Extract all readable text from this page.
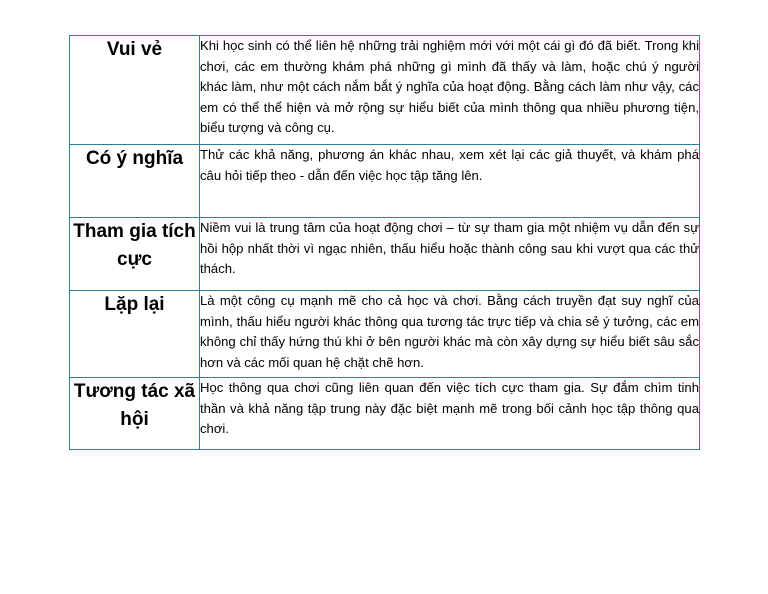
Vui vẻ	Khi học sinh có thể liên hệ những trải nghiệm mới với một cái gì đó đã biết. Trong khi chơi, các em thường khám phá những gì mình đã thấy và làm, hoặc chú ý người khác làm, như một cách nắm bắt ý nghĩa của hoạt động. Bằng cách làm như vậy, các em có thể thể hiện và mở rộng sự hiểu biết của mình thông qua nhiều phương tiện, biểu tượng và công cụ.
Có ý nghĩa	Thử các khả năng, phương án khác nhau, xem xét lại các giả thuyết, và khám phá câu hỏi tiếp theo - dẫn đến việc học tập tăng lên.
Tham gia tích cực	Niềm vui là trung tâm của hoạt động chơi – từ sự tham gia một nhiệm vụ dẫn đến sự hồi hộp nhất thời vì ngạc nhiên, thấu hiểu hoặc thành công sau khi vượt qua các thử thách.
Lặp lại	Là một công cụ mạnh mẽ cho cả học và chơi. Bằng cách truyền đạt suy nghĩ của mình, thấu hiểu người khác thông qua tương tác trực tiếp và chia sẻ ý tưởng, các em không chỉ thấy hứng thú khi ở bên người khác mà còn xây dựng sự hiểu biết sâu sắc hơn và các mối quan hệ chặt chẽ hơn.
Tương tác xã hội	Học thông qua chơi cũng liên quan đến việc tích cực tham gia. Sự đắm chìm tinh thần và khả năng tập trung này đặc biệt mạnh mẽ trong bối cảnh học tập thông qua chơi.
